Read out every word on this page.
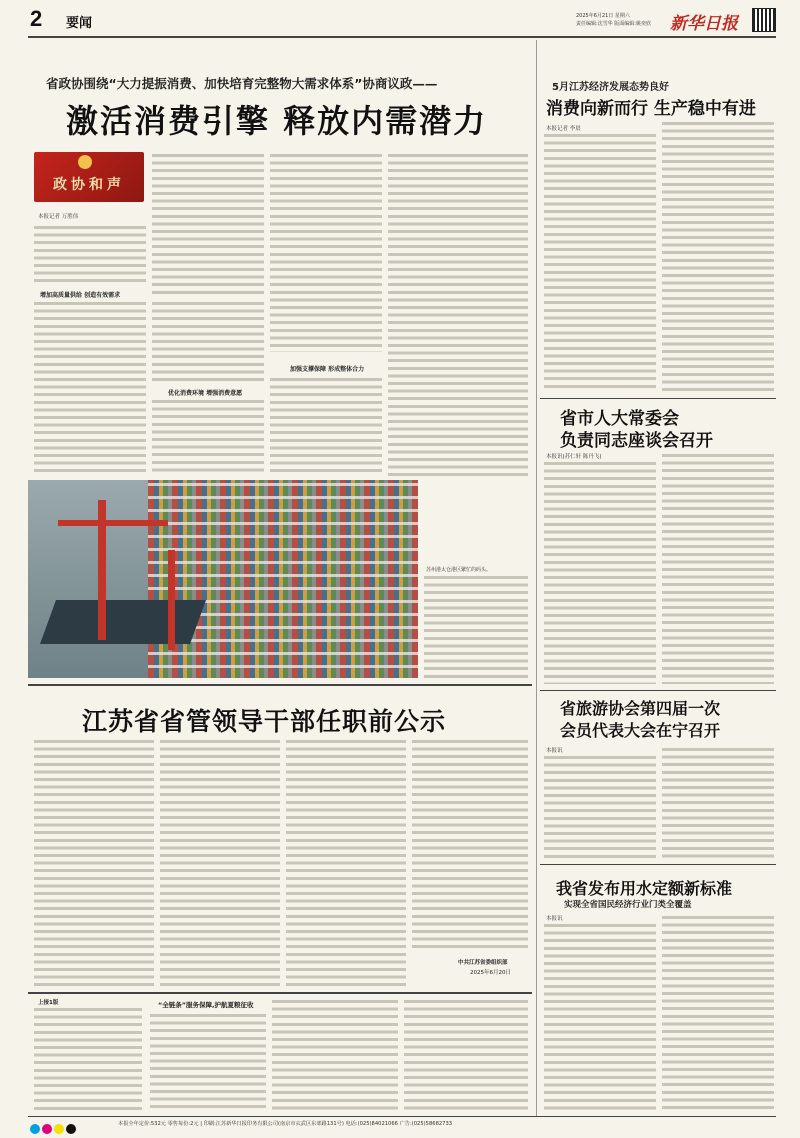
2 要闻	2025年6月21日 星期六
责任编辑:沈雪华 版面编辑:姚奕欣 新华日报
省政协围绕“大力提振消费、加快培育完整物大需求体系”协商议政——
激活消费引擎 释放内需潜力
政协和声
本报记者 万胜伟
增加高质量供给 创造有效需求
优化消费环境 增强消费意愿
加强支撑保障 形成整体合力
苏州港太仓港区繁忙的码头。
江苏省省管领导干部任职前公示
中共江苏省委组织部
2025年6月20日
上接1版	“全链条”服务保障,护航夏粮征收
5月江苏经济发展态势良好
消费向新而行 生产稳中有进
本报记者 李晨
省市人大常委会
负责同志座谈会召开
本报讯(苏仁轩 陈丹飞)
省旅游协会第四届一次
会员代表大会在宁召开
本报讯
我省发布用水定额新标准
实现全省国民经济行业门类全覆盖
本报讯
本报全年定价:532元 零售每份:2元 | 印刷:江苏新华日报印务有限公司(南京市玄武区东郊路131号) 电话:(025)84021066 广告:(025)58682733
